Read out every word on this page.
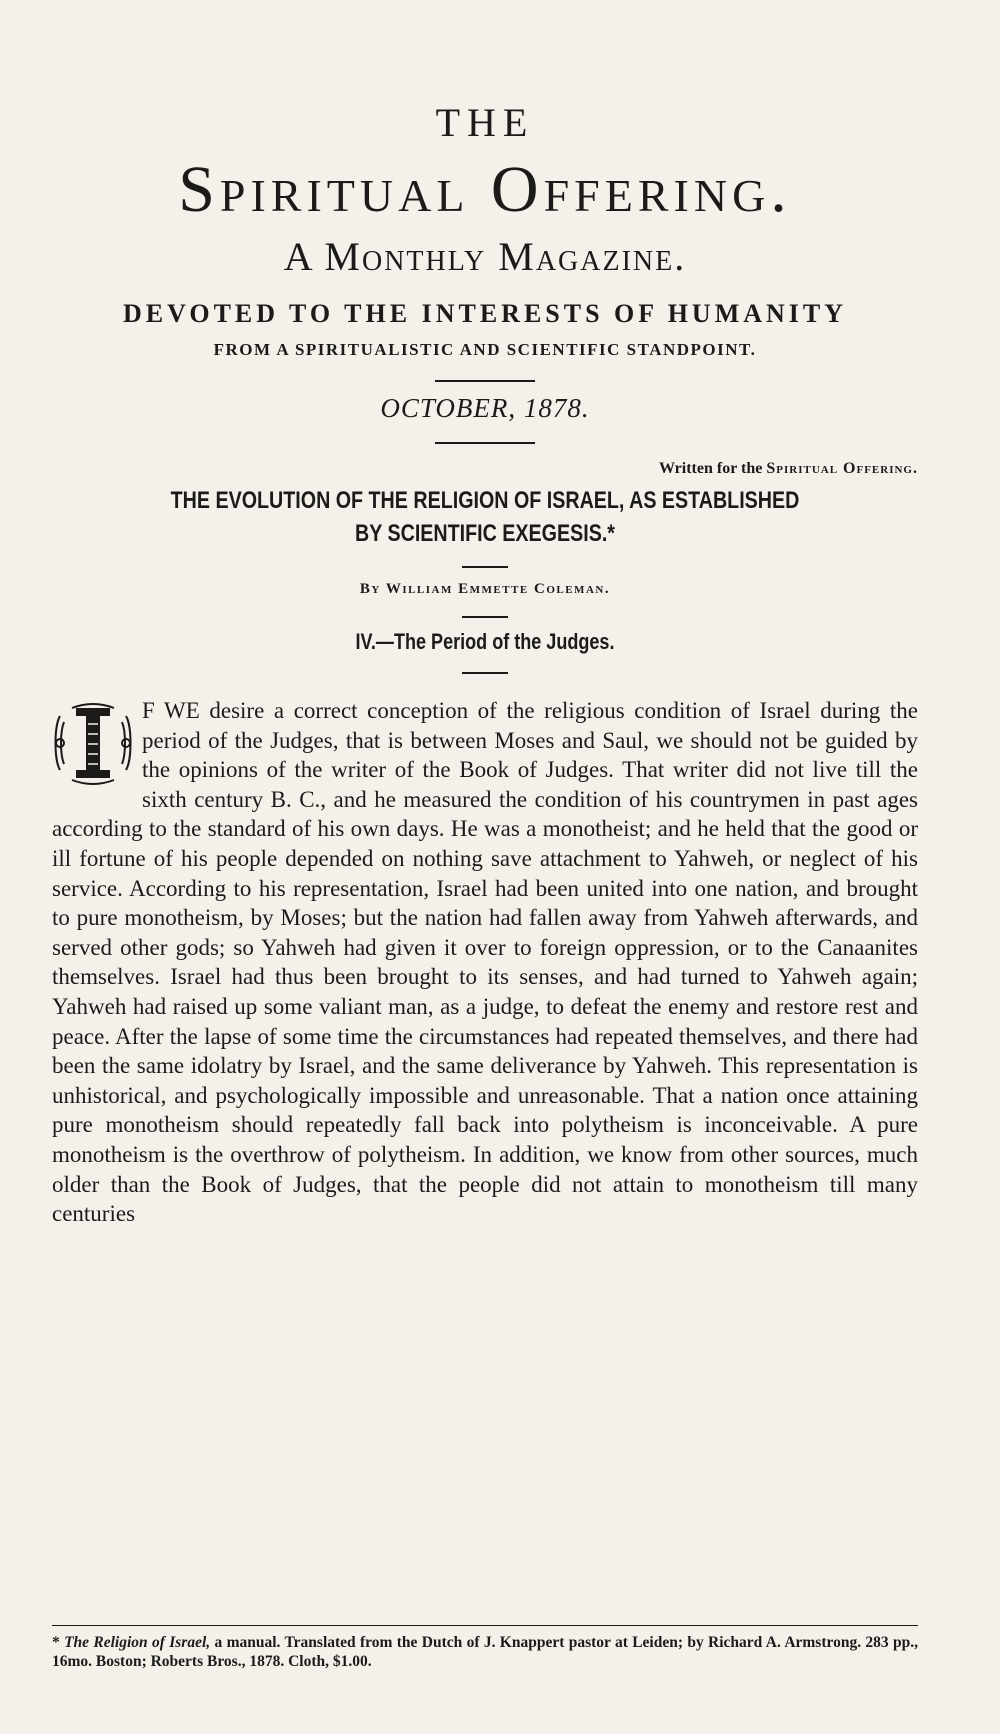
THE
Spiritual Offering.
A Monthly Magazine.
DEVOTED TO THE INTERESTS OF HUMANITY
FROM A SPIRITUALISTIC AND SCIENTIFIC STANDPOINT.
OCTOBER, 1878.
Written for the Spiritual Offering.
THE EVOLUTION OF THE RELIGION OF ISRAEL, AS ESTABLISHED
BY SCIENTIFIC EXEGESIS.*
By William Emmette Coleman.
IV.—The Period of the Judges.
I
F WE desire a correct conception of the religious condition of Israel during the period of the Judges, that is between Moses and Saul, we should not be guided by the opinions of the writer of the Book of Judges. That writer did not live till the sixth century B. C., and he measured the condition of his countrymen in past ages according to the standard of his own days. He was a monotheist; and he held that the good or ill fortune of his people depended on nothing save attachment to Yahweh, or neglect of his service. According to his representation, Israel had been united into one nation, and brought to pure monotheism, by Moses; but the nation had fallen away from Yahweh afterwards, and served other gods; so Yahweh had given it over to foreign oppression, or to the Canaanites themselves. Israel had thus been brought to its senses, and had turned to Yahweh again; Yahweh had raised up some valiant man, as a judge, to defeat the enemy and restore rest and peace. After the lapse of some time the circumstances had repeated themselves, and there had been the same idolatry by Israel, and the same deliverance by Yahweh. This representation is unhistorical, and psychologically impossible and unreasonable. That a nation once attaining pure monotheism should repeatedly fall back into polytheism is inconceivable. A pure monotheism is the overthrow of polytheism. In addition, we know from other sources, much older than the Book of Judges, that the people did not attain to monotheism till many centuries
* The Religion of Israel, a manual. Translated from the Dutch of J. Knappert pastor at Leiden; by Richard A. Armstrong. 283 pp., 16mo. Boston; Roberts Bros., 1878. Cloth, $1.00.
